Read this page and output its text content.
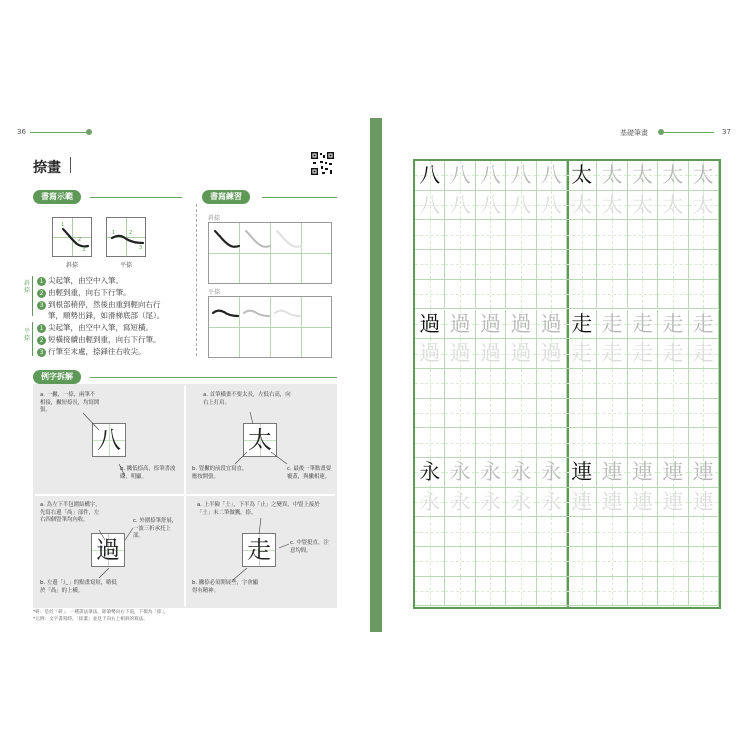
36	基礎筆畫	37
捺畫
書寫示範
1
2
3
斜捺
1	2
3
平捺
斜捺
1 尖起筆，由空中入筆。
2 由輕到重，向右下行筆。
3 到根部稍停，然後由重到輕向右行
筆，順勢出鋒，如滑梯底部（尾）。
平捺
1 尖起筆，由空中入筆，寫短橫。
2 短橫接續由輕到重，向右下行筆。
3 行筆至末處，捺鋒往右收尖。
書寫練習
斜捺
平捺
例字拆解
八
a. 一撇、一捺，兩筆不相接，撇短捺長，均寫開張。
b. 撇低捺高，捺筆書波磔，明顯。
太
a. 首筆橫畫不要太長，左低右高，向右上打肩。
b. 豎撇的前段宜寫直，應按開張。
c. 最後一筆點畫要覆蓋，與撇相連。
過
a. 為左下半包圍結構字，先寫右邊「咼」部件，左右四個豎筆均內收。
b. 左邊「辶」的點畫寫短，略低於「咼」的上橫。
c. 外圍捺筆舒展，一波三折承托上部。	走
a. 上半險「土」，下半為「止」之變異，中豎上接於「土」末二筆做鷹，捺。
b. 撇捺必須開展些，字會顯得有精神。
c. 中豎挺直，注意均間。
*研：是於「研」，一種書法筆法，即筆勢向右下前，下嶺為「捺」。
*元例：文字書寫時，「捺畫」並見于向右上相斜的寫法。
八 八 八 八 八 太 太 太 太 太
八 八 八 八 八 太 太 太 太 太
過 過 過 過 過 走 走 走 走 走
過 過 過 過 過 走 走 走 走 走
永 永 永 永 永 連 連 連 連 連
永 永 永 永 永 連 連 連 連 連
